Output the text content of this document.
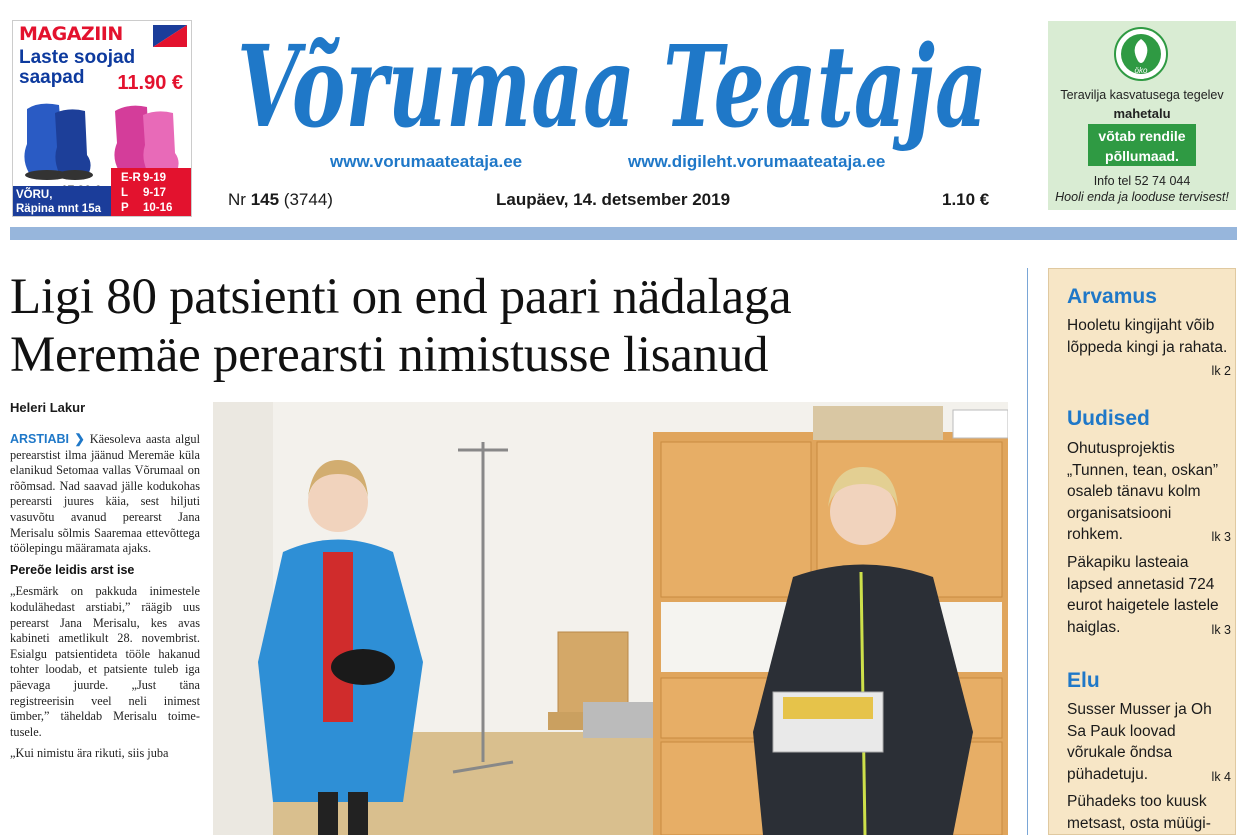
MAGAZIIN
Laste soojad
saapad	11.90 €
VÕRU,
Räpina mnt 15a
E-R 9-19
L 9-17
P 10-16
Võrumaa Teataja
www.vorumaateataja.ee	www.digileht.vorumaateataja.ee
Nr 145 (3744)	Laupäev, 14. detsember 2019	1.10 €
öko
Teravilja kasvatusega tegelev
mahetalu
võtab rendile
põllumaad.
Info tel 52 74 044
Hooli enda ja looduse tervisest!
Ligi 80 patsienti on end paari nädalaga
Meremäe perearsti nimistusse lisanud
Heleri Lakur

ARSTIABI ❯ Käesoleva aasta algul perearstist ilma jäänud Meremäe küla elanikud Setomaa vallas Võrumaal on rõõmsad. Nad saavad jälle kodukohas perearsti juures käia, sest hiljuti vasuvõtu avanud perearst Jana Merisalu sõlmis Saaremaa ettevõttega töölepingu määramata ajaks.

Pereõe leidis arst ise

„Eesmärk on pakkuda inimestele kodulähedast arstiabi,” räägib uus perearst Jana Merisalu, kes avas kabineti ametlikult 28. novembrist. Esialgu patsientideta tööle hakanud tohter loodab, et patsiente tuleb iga päevaga juurde. „Just täna registreerisin veel neli inimest ümber,” täheldab Merisalu toimetusele.

„Kui nimistu ära rikuti, siis juba

Arvamus
Hooletu kingijaht võib lõppeda kingi ja rahata.
lk 2
Uudised
Ohutusprojektis „Tunnen, tean, oskan” osaleb tänavu kolm organisatsiooni rohkem.	lk 3
Päkapiku lasteaia lapsed annetasid 724 eurot haigetele lastele haiglas.	lk 3
Elu
Susser Musser ja Oh Sa Pauk loovad võrukale õndsa pühadetuju.	lk 4
Pühadeks too kuusk metsast, osta müügi-
